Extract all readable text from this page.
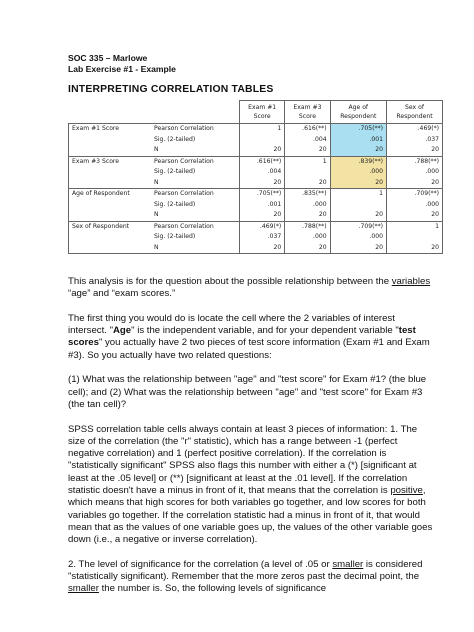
SOC 335 – Marlowe
Lab Exercise #1 - Example
INTERPRETING CORRELATION TABLES
		Exam #1 Score	Exam #3 Score	Age of Respondent	Sex of Respondent
Exam #1 Score	Pearson Correlation	1	.616(**)	.705(**)	.469(*)
	Sig. (2-tailed)		.004	.001	.037
	N	20	20	20	20
Exam #3 Score	Pearson Correlation	.616(**)	1	.839(**)	.788(**)
	Sig. (2-tailed)	.004		.000	.000
	N	20	20	20	20
Age of Respondent	Pearson Correlation	.705(**)	.835(**)	1	.709(**)
	Sig. (2-tailed)	.001	.000		.000
	N	20	20	20	20
Sex of Respondent	Pearson Correlation	.469(*)	.788(**)	.709(**)	1
	Sig. (2-tailed)	.037	.000	.000	
	N	20	20	20	20

This analysis is for the question about the possible relationship between the variables “age” and “exam scores.”

The first thing you would do is locate the cell where the 2 variables of interest intersect. "Age" is the independent variable, and for your dependent variable "test scores" you actually have 2 two pieces of test score information (Exam #1 and Exam #3). So you actually have two related questions:

(1) What was the relationship between "age" and "test score" for Exam #1? (the blue cell); and (2) What was the relationship between "age" and "test score" for Exam #3 (the tan cell)?

SPSS correlation table cells always contain at least 3 pieces of information: 1. The size of the correlation (the "r" statistic), which has a range between -1 (perfect negative correlation) and 1 (perfect positive correlation). If the correlation is "statistically significant" SPSS also flags this number with either a (*) [significant at least at the .05 level] or (**) [significant at least at the .01 level]. If the correlation statistic doesn't have a minus in front of it, that means that the correlation is positive, which means that high scores for both variables go together, and low scores for both variables go together. If the correlation statistic had a minus in front of it, that would mean that as the values of one variable goes up, the values of the other variable goes down (i.e., a negative or inverse correlation).

2. The level of significance for the correlation (a level of .05 or smaller is considered "statistically significant). Remember that the more zeros past the decimal point, the smaller the number is. So, the following levels of significance
